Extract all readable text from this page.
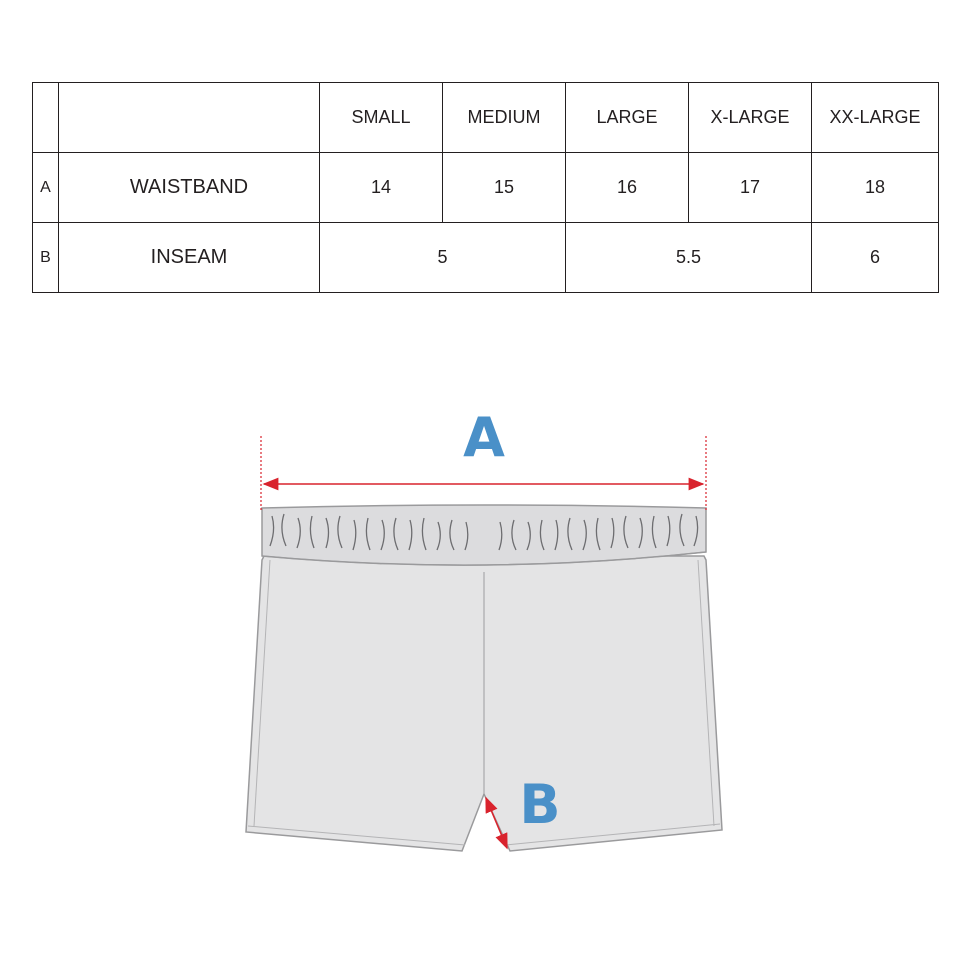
		SMALL	MEDIUM	LARGE	X-LARGE	XX-LARGE
A	WAISTBAND	14	15	16	17	18
B	INSEAM	5		5.5		6
A
B
